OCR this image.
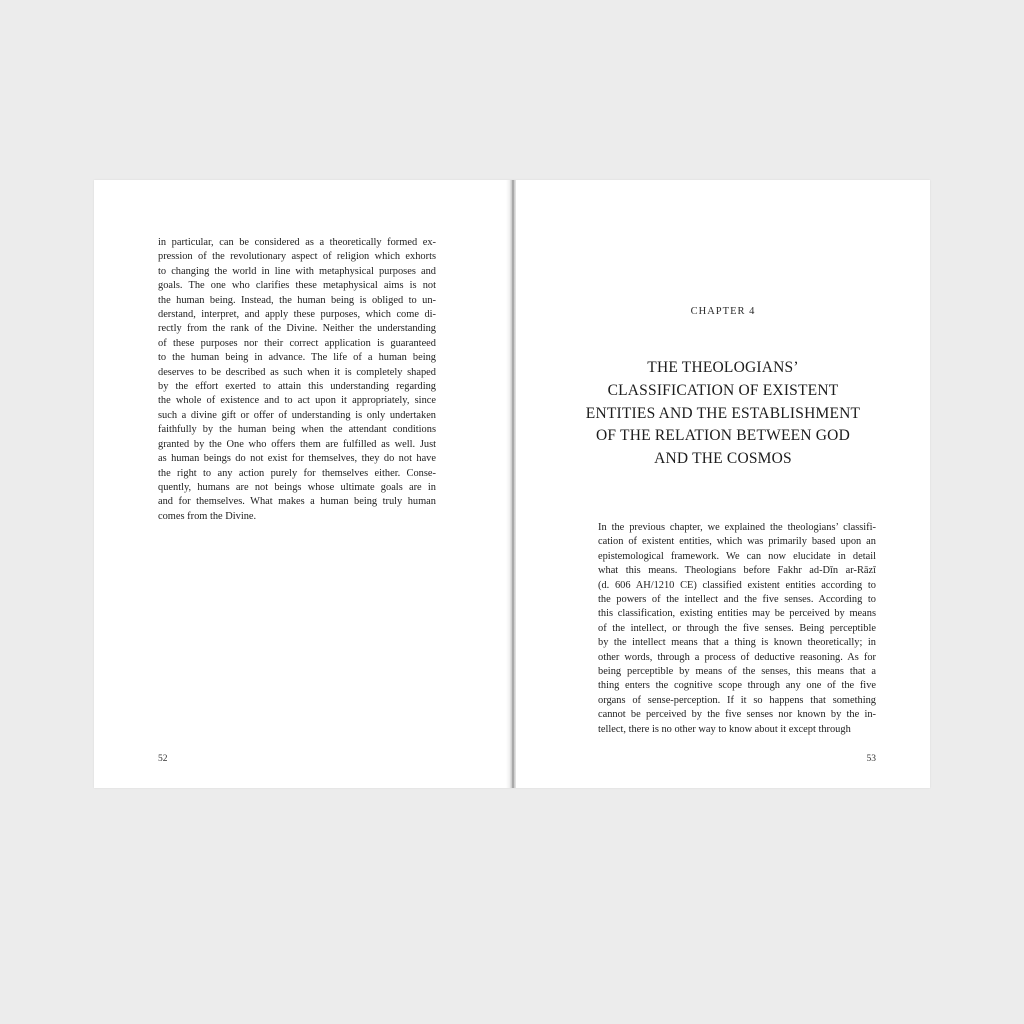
in particular, can be considered as a theoretically formed ex-
pression of the revolutionary aspect of religion which exhorts
to changing the world in line with metaphysical purposes and
goals. The one who clarifies these metaphysical aims is not
the human being. Instead, the human being is obliged to un-
derstand, interpret, and apply these purposes, which come di-
rectly from the rank of the Divine. Neither the understanding
of these purposes nor their correct application is guaranteed
to the human being in advance. The life of a human being
deserves to be described as such when it is completely shaped
by the effort exerted to attain this understanding regarding
the whole of existence and to act upon it appropriately, since
such a divine gift or offer of understanding is only undertaken
faithfully by the human being when the attendant conditions
granted by the One who offers them are fulfilled as well. Just
as human beings do not exist for themselves, they do not have
the right to any action purely for themselves either. Conse-
quently, humans are not beings whose ultimate goals are in
and for themselves. What makes a human being truly human
comes from the Divine.
52
CHAPTER 4
THE THEOLOGIANS’
CLASSIFICATION OF EXISTENT
ENTITIES AND THE ESTABLISHMENT
OF THE RELATION BETWEEN GOD
AND THE COSMOS
In the previous chapter, we explained the theologians’ classifi-
cation of existent entities, which was primarily based upon an
epistemological framework. We can now elucidate in detail
what this means. Theologians before Fakhr ad-Dīn ar-Rāzī
(d. 606 AH/1210 CE) classified existent entities according to
the powers of the intellect and the five senses. According to
this classification, existing entities may be perceived by means
of the intellect, or through the five senses. Being perceptible
by the intellect means that a thing is known theoretically; in
other words, through a process of deductive reasoning. As for
being perceptible by means of the senses, this means that a
thing enters the cognitive scope through any one of the five
organs of sense-perception. If it so happens that something
cannot be perceived by the five senses nor known by the in-
tellect, there is no other way to know about it except through
53
